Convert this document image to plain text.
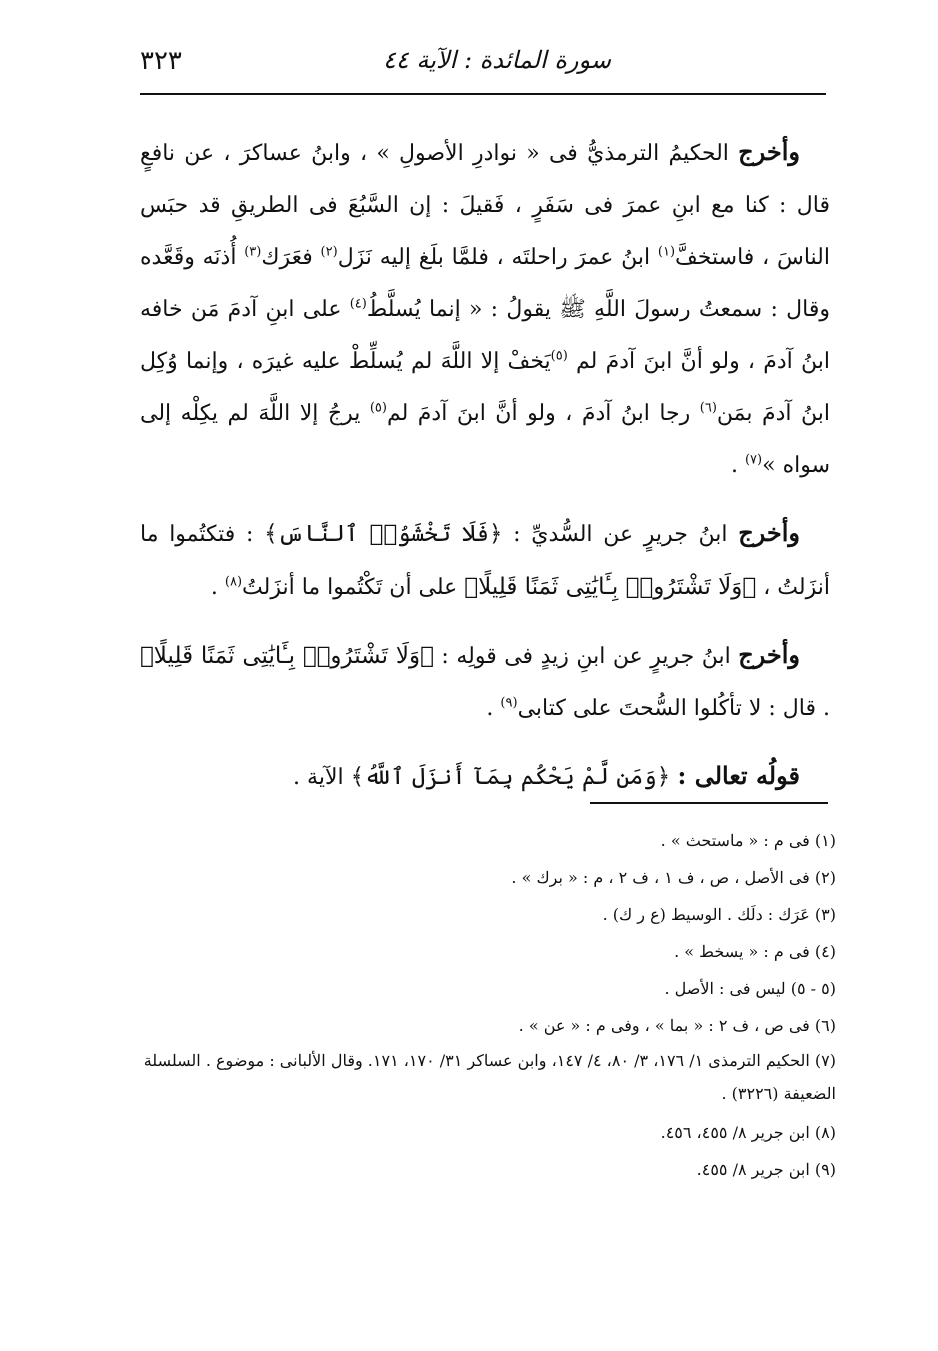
٣٢٣	سورة المائدة : الآية ٤٤

وأخرج الحكيمُ الترمذيُّ فى « نوادرِ الأصولِ » ، وابنُ عساكرَ ، عن نافعٍ قال : كنا مع ابنِ عمرَ فى سَفَرٍ ، فَقيلَ : إن السَّبُعَ فى الطريقِ قد حبَس الناسَ ، فاستخفَّ$^{(١)}$ ابنُ عمرَ راحلتَه ، فلمَّا بلَغ إليه نَزَل$^{(٢)}$ فعَرَك$^{(٣)}$ أُذنَه وقَعَّده وقال : سمعتُ رسولَ اللَّهِ ﷺ يقولُ : « إنما يُسلَّطُ$^{(٤)}$ على ابنِ آدمَ مَن خافه ابنُ آدمَ ، ولو أنَّ ابنَ آدمَ لم $^{(٥)}$يَخفْ إلا اللَّهَ لم يُسلِّطْ عليه غيرَه ، وإنما وُكِل ابنُ آدمَ بمَن$^{(٦)}$ رجا ابنُ آدمَ ، ولو أنَّ ابنَ آدمَ لم$^{(٥)}$ يرجُ إلا اللَّهَ لم يكِلْه إلى سواه »$^{(٧)}$ .

وأخرج ابنُ جريرٍ عن السُّديِّ : ﴿فَلَا تَخْشَوُا۟ ٱلنَّاسَ﴾ : فتكتُموا ما أنزَلتُ ، ﴿وَلَا تَشْتَرُوا۟ بِـَٔايَٰتِى ثَمَنًا قَلِيلًا﴾ على أن تَكْتُموا ما أنزَلتُ$^{(٨)}$ .

وأخرج ابنُ جريرٍ عن ابنِ زيدٍ فى قولِه : ﴿وَلَا تَشْتَرُوا۟ بِـَٔايَٰتِى ثَمَنًا قَلِيلًا﴾ . قال : لا تأكُلوا السُّحتَ على كتابى$^{(٩)}$ .

قولُه تعالى : ﴿وَمَن لَّمْ يَحْكُم بِمَآ أَنزَلَ ٱللَّهُ﴾ الآية .

(١) فى م : « ماستحث » .
(٢) فى الأصل ، ص ، ف ١ ، ف ٢ ، م : « برك » .
(٣) عَرَك : دلَك . الوسيط (ع ر ك) .
(٤) فى م : « يسخط » .
(٥ - ٥) ليس فى : الأصل .
(٦) فى ص ، ف ٢ : « بما » ، وفى م : « عن » .
(٧) الحكيم الترمذى ١/ ١٧٦، ٣/ ٨٠، ٤/ ١٤٧، وابن عساكر ٣١/ ١٧٠، ١٧١. وقال الألبانى : موضوع . السلسلة الضعيفة (٣٢٢٦) .
(٨) ابن جرير ٨/ ٤٥٥، ٤٥٦.
(٩) ابن جرير ٨/ ٤٥٥.
